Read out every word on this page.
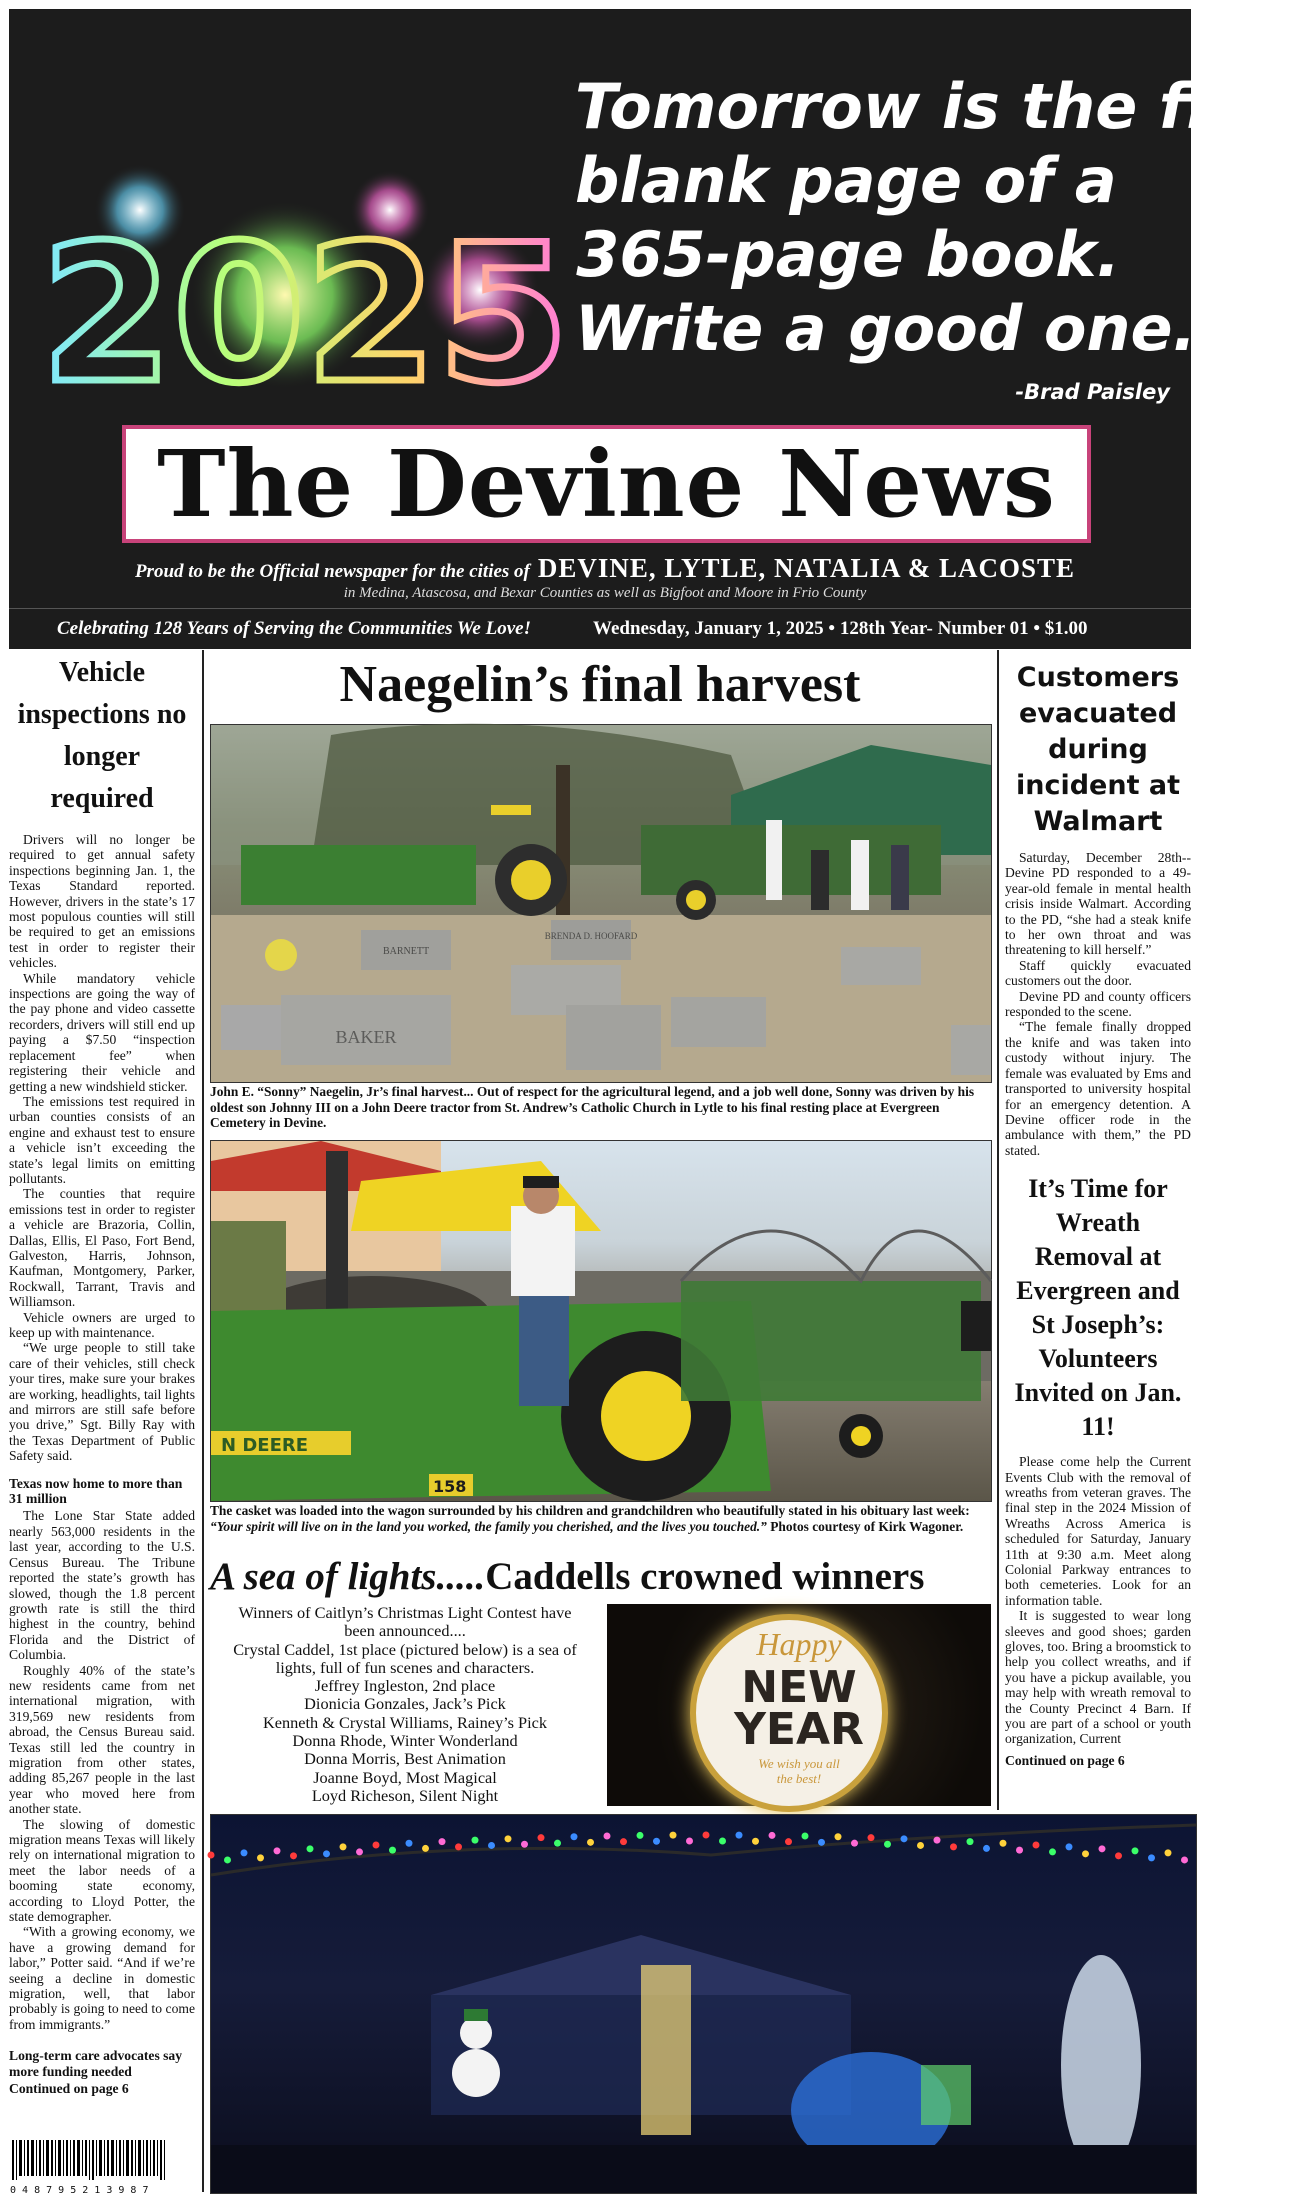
2025
Tomorrow is the first
blank page of a
365-page book.
Write a good one.
-Brad Paisley
The Devine News
Proud to be the Official newspaper for the cities of DEVINE, LYTLE, NATALIA & LACOSTE
in Medina, Atascosa, and Bexar Counties as well as Bigfoot and Moore in Frio County
Celebrating 128 Years of Serving the Communities We Love!	Wednesday, January 1, 2025 • 128th Year- Number 01 • $1.00
Vehicle inspections no longer required

Drivers will no longer be required to get annual safety inspections beginning Jan. 1, the Texas Standard reported. However, drivers in the state’s 17 most populous counties will still be required to get an emissions test in order to register their vehicles.

While mandatory vehicle inspections are going the way of the pay phone and video cassette recorders, drivers will still end up paying a $7.50 “inspection replacement fee” when registering their vehicle and getting a new windshield sticker.

The emissions test required in urban counties consists of an engine and exhaust test to ensure a vehicle isn’t exceeding the state’s legal limits on emitting pollutants.

The counties that require emissions test in order to register a vehicle are Brazoria, Collin, Dallas, Ellis, El Paso, Fort Bend, Galveston, Harris, Johnson, Kaufman, Montgomery, Parker, Rockwall, Tarrant, Travis and Williamson.

Vehicle owners are urged to keep up with maintenance.

“We urge people to still take care of their vehicles, still check your tires, make sure your brakes are working, headlights, tail lights and mirrors are still safe before you drive,” Sgt. Billy Ray with the Texas Department of Public Safety said.

Texas now home to more than 31 million

The Lone Star State added nearly 563,000 residents in the last year, according to the U.S. Census Bureau. The Tribune reported the state’s growth has slowed, though the 1.8 percent growth rate is still the third highest in the country, behind Florida and the District of Columbia.

Roughly 40% of the state’s new residents came from net international migration, with 319,569 new residents from abroad, the Census Bureau said. Texas still led the country in migration from other states, adding 85,267 people in the last year who moved here from another state.

The slowing of domestic migration means Texas will likely rely on international migration to meet the labor needs of a booming state economy, according to Lloyd Potter, the state demographer.

“With a growing economy, we have a growing demand for labor,” Potter said. “And if we’re seeing a decline in domestic migration, well, that labor probably is going to need to come from immigrants.”

Long-term care advocates say more funding needed
Continued on page 6
0 4 8 7 9 5 2 1 3 9 8 7
Naegelin’s final harvest
BAKER
BRENDA D. HOOFARD
BARNETT
John E. “Sonny” Naegelin, Jr’s final harvest... Out of respect for the agricultural legend, and a job well done, Sonny was driven by his oldest son Johnny III on a John Deere tractor from St. Andrew’s Catholic Church in Lytle to his final resting place at Evergreen Cemetery in Devine.
N DEERE
158
The casket was loaded into the wagon surrounded by his children and grandchildren who beautifully stated in his obituary last week: “Your spirit will live on in the land you worked, the family you cherished, and the lives you touched.” Photos courtesy of Kirk Wagoner.
A sea of lights.....Caddells crowned winners
Winners of Caitlyn’s Christmas Light Contest have been announced....
Crystal Caddel, 1st place (pictured below) is a sea of lights, full of fun scenes and characters.
Jeffrey Ingleston, 2nd place
Dionicia Gonzales, Jack’s Pick
Kenneth & Crystal Williams, Rainey’s Pick
Donna Rhode, Winter Wonderland
Donna Morris, Best Animation
Joanne Boyd, Most Magical
Loyd Richeson, Silent Night
Happy
NEW
YEAR
We wish you all the best!
Customers evacuated during incident at Walmart

Saturday, December 28th--Devine PD responded to a 49-year-old female in mental health crisis inside Walmart. According to the PD, “she had a steak knife to her own throat and was threatening to kill herself.”

Staff quickly evacuated customers out the door.

Devine PD and county officers responded to the scene.

“The female finally dropped the knife and was taken into custody without injury. The female was evaluated by Ems and transported to university hospital for an emergency detention. A Devine officer rode in the ambulance with them,” the PD stated.

It’s Time for Wreath Removal at Evergreen and St Joseph’s: Volunteers Invited on Jan. 11!

Please come help the Current Events Club with the removal of wreaths from veteran graves. The final step in the 2024 Mission of Wreaths Across America is scheduled for Saturday, January 11th at 9:30 a.m. Meet along Colonial Parkway entrances to both cemeteries. Look for an information table.

It is suggested to wear long sleeves and good shoes; garden gloves, too. Bring a broomstick to help you collect wreaths, and if you have a pickup available, you may help with wreath removal to the County Precinct 4 Barn. If you are part of a school or youth organization, Current

Continued on page 6
